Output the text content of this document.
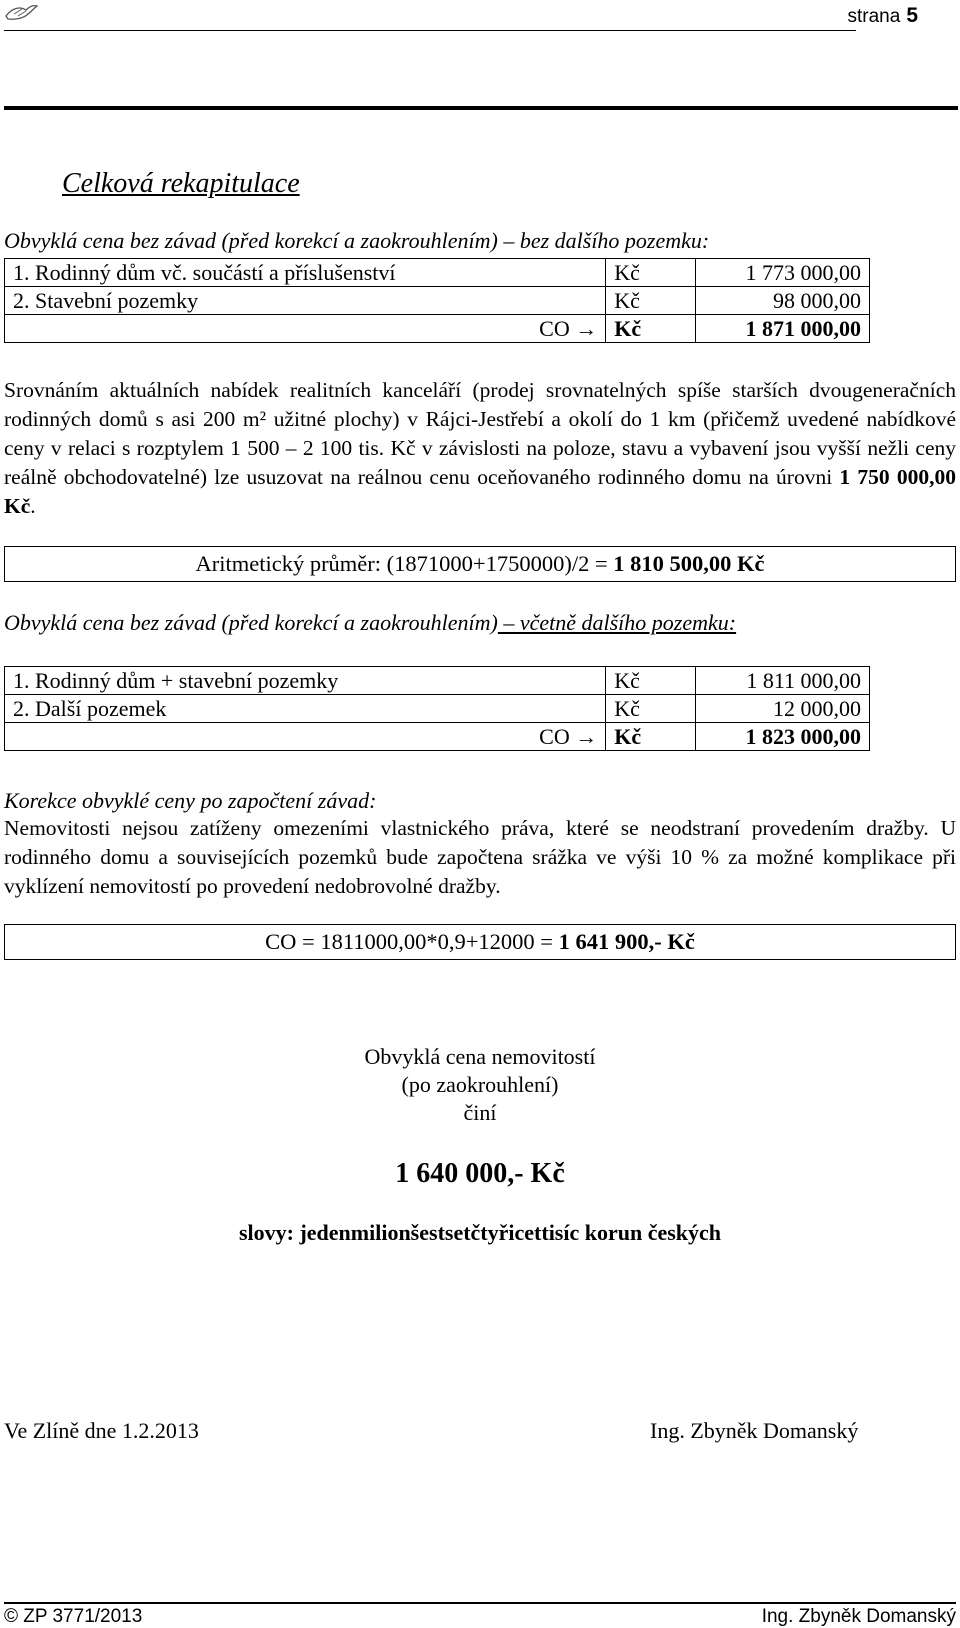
strana 5
Celková rekapitulace
Obvyklá cena bez závad (před korekcí a zaokrouhlením) – bez dalšího pozemku:
1. Rodinný dům vč. součástí a příslušenství	Kč	1 773 000,00
2. Stavební pozemky	Kč	98 000,00
CO →	Kč	1 871 000,00
Srovnáním aktuálních nabídek realitních kanceláří (prodej srovnatelných spíše starších dvougeneračních rodinných domů s asi 200 m² užitné plochy) v Rájci-Jestřebí a okolí do 1 km (přičemž uvedené nabídkové ceny v relaci s rozptylem 1 500 – 2 100 tis. Kč v závislosti na poloze, stavu a vybavení jsou vyšší nežli ceny reálně obchodovatelné) lze usuzovat na reálnou cenu oceňovaného rodinného domu na úrovni 1 750 000,00 Kč.
Aritmetický průměr: (1871000+1750000)/2 = 1 810 500,00 Kč
Obvyklá cena bez závad (před korekcí a zaokrouhlením) – včetně dalšího pozemku:
1. Rodinný dům + stavební pozemky	Kč	1 811 000,00
2. Další pozemek	Kč	12 000,00
CO →	Kč	1 823 000,00
Korekce obvyklé ceny po započtení závad:
Nemovitosti nejsou zatíženy omezeními vlastnického práva, které se neodstraní provedením dražby. U rodinného domu a souvisejících pozemků bude započtena srážka ve výši 10 % za možné komplikace při vyklízení nemovitostí po provedení nedobrovolné dražby.
CO = 1811000,00*0,9+12000 = 1 641 900,- Kč
Obvyklá cena nemovitostí
(po zaokrouhlení)
činí
1 640 000,- Kč
slovy: jedenmilionšestsetčtyřicettisíc korun českých
Ve Zlíně dne 1.2.2013	Ing. Zbyněk Domanský
© ZP 3771/2013	Ing. Zbyněk Domanský
